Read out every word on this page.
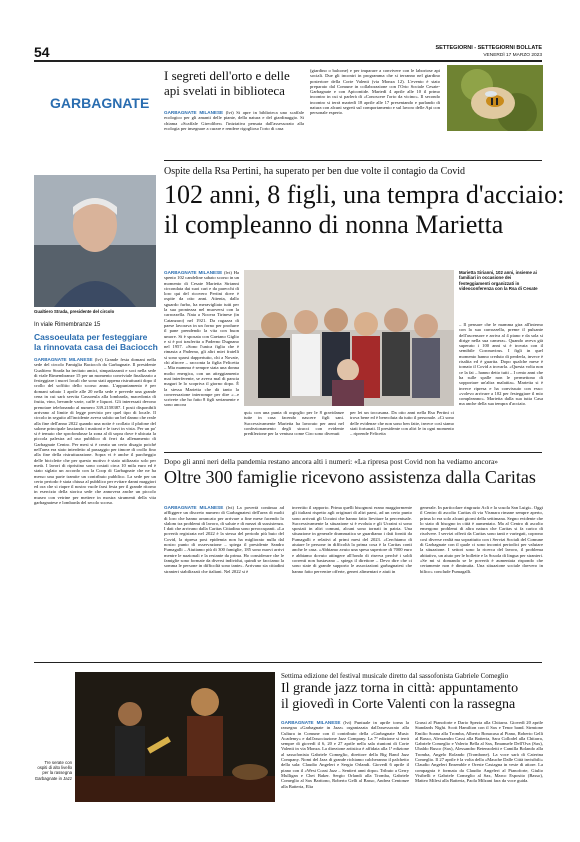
54	SETTEGIORNI - SETTEGIORNI BOLLATE
VENERDÌ 17 MARZO 2023
GARBAGNATE
I segreti dell'orto e delle
api svelati in biblioteca
GARBAGNATE MILANESE (lvt) Si apre in biblioteca uno scaffale ecologico per gli amanti delle piante, della natura e del giardinaggio. Si chiama «Scaffale Gireoliber» l'iniziativa pensata dall'assessorato alla ecologia per insegnare a curare e rendere rigoglioso l'orto di casa
(giardino o balcone) e per imparare a convivere con le laboriose api sociali. Due gli incontri in programma che si terranno nel giardino posteriore della Corte Valenti (via Monza 12). L'evento è stato preparato dal Comune in collaborazione con l'Orto Sociale Cesate-Garbagnate e con Apicontide. Martedì 4 aprile alle 10 il primo incontro in cui si parlerà di «Conoscere l'orto da vicino». Il secondo incontro si terrà martedì 18 aprile alle 17 presentando e parlando di natura con alcuni segreti sul comportamento e sul lavoro delle Api con personale esperto.
Ospite della Rsa Pertini, ha superato per ben due volte il contagio da Covid
102 anni, 8 figli, una tempra d'acciaio:
il compleanno di nonna Marietta
Gualtiero Strada, presidente del circolo
In viale Rimembranze 15
Cassoeulata per festeggiare
la rinnovata casa dei Baciocch
GARBAGNATE MILANESE (lvt) Grande festa domani nella sede del circolo Famiglia Baciocch da Garbagnate. Il presidente Gualtiero Strada ha invitato amici, simpatizzanti e soci nella sede di viale Rimembranze 15 per un momento conviviale finalizzato a festeggiare i nuovi locali che sono stati appena ristrutturati dopo il crollo del soffitto dello scorso anno. L'appuntamento è per domani sabato 1 aprile alle 20 nella sede e prevede una grande cena in cui sarà servita Cassoeula alla lombarda, macedonia di frutta, vino, bevande varie, caffè e liquori. Gli interessati devono prenotare telefonando al numero 339.2158387. I posti disponibili arrivano al limite di legge previsto per quel tipo di locale. Il circolo in seguito all'incidente aveva subito un bel danno che reale alla fine dell'anno 2022 quando una notte è crollato il plafone del salone principale lasciando i mattoni e le travi in vista. Per un po' si è temuto che sprofondasse la zona al di sopra dove è ubicata la piccola palestra ad uso pubblico di ferri da allenamento di Garbagnate Centro. Per mesi si è creato un certo disagio poiché nell'area era stato interdetto al passaggio per timore di crollo fino alla fine della ristrutturazione. Sopra vi è anche il parcheggio delle biciclette che per questo motivo è stato utilizzato solo per metà. I lavori di ripristino sono costati circa 10 mila euro ed è stato siglato un accordo con la Coop di Garbagnate che ne ha messo una parte tramite un contributo pubblico. La sede per un certo periodo è stata chiusa al pubblico per evitare danni maggiori ed ora che si riapre il nostro vuole farsi festa per il grande ritorno in esercizio della storica sede che annovera anche un piccolo museo con vetrine per mettere in mostra strumenti della vita garbagnatese e lombarda del secolo scorso.
GARBAGNATE MILANESE (lvt) Ha spento 102 candeline sabato scorso in un momento di Cesate Marietta Sirianni circondata dai suoi cari e da parecchi di loro qui del ricovero Pertini dove è ospite da otto anni. Attenta, dallo sguardo furbo, ha meravigliato tutti per la sua prontezza nel muoversi con la carrozzella. Nata a Nocera Tirinese (in Catanzaro) nel 1921. Da ragazza di paese lavorava in un forno per produrre il pane prendendo la vita con buon umore. Si è sposata con Gaetano Giglio e si è poi trasferita a Paderno Dugnano nel 1957. «Sono l'unica figlia che è rimasta a Paderno, gli altri miei fratelli si sono sparsi dappertutto, chi a Novate, chi altrove – racconta la figlia Felicetta – Mia mamma è sempre stata una donna molto energica, con un atteggiamento mai interferente, se aveva mal di pancia magari le lo scopriva il giorno dopo. È la stessa Marietta che dà tanto la conversazione interrompe per dire «...e scrivete che ho fatto 8 figli seriamente e sono ancora
Marietta Sirianni, 102 anni, insieme ai familiari in occasione dei festeggiamenti organizzati in videoconferenza con la Rsa di Cesate
qui» con una punta di orgoglio per le 8 gravidanze tutte in casa facendo nascere figli sani. Successivamente Marietta ha lavorato per anni nel confezionamento degli stracci con evidente predilezione per la ventura come Ciro sono divenuti
per lei un toccasana. Da otto anni nella Rsa Pertini ci trova bene ed è benvoluta da tutto il personale. «Ci sono delle evidenze che non sono ben fatte, invece così siamo stati fortunati. Il presidente con altri le in ogni momento – riprende Felicetta
– Il pensare che le mamma gira all'interno con la sua carrozzella, preme il pulsante dell'ascensore e arriva al 4 piano e da sola si dirige nella sua camera». Quando aveva già superato i 100 anni si è trovata con il semibile Coronavirus. I figli in quel momento hanno creduto di perderla, invece è risalita ed è guarita. Dopo qualche mese è tornato il Covid a trovarla. «Questa volta non ce la fai – hanno detto tutti – I cento anni che ha sulle spalle non le permettono di sopportare un'altra malattia». Marietta si è invece ripresa e ha convissuto con esso: «volevo arrivare a 102 per festeggiare il mio compleanno». Marietta dalla sua tutta Casa ma anche della sua tempra d'acciaio.
Dopo gli anni neri della pandemia restano ancora alti i numeri: «La ripresa post Covid non ha vediamo ancora»
Oltre 300 famiglie ricevono assistenza dalla Caritas
GARBAGNATE MILANESE (lvt) La povertà continua ad affliggere un discreto numero di Garbagnatesi dell'area di molti di loro che hanno arrancato per arrivare a fine mese facendo lo slalom tra problemi di lavoro, di salute e di mezzi di sussistenza. I dati che arrivano dalla Caritas Cittadina sono preoccupanti. «La povertà registrata nel 2022 è la stessa del periodo più buio del Covid, la ripresa post epidemia non ha migliorato nulla dal nostro punto di osservazione – spiega il presidente Sandro Fumagalli – Aiutiamo più di 300 famiglie, 185 sono nuovi arrivi mentre le nazionali e la restante da prima. Ho considerare che le famiglie sono formate da diversi individui, quindi se facciamo la somma le persone in difficoltà sono tante». Arrivano sia cittadini stranieri stabilizzati che italiani. Nel 2022 si è
invertito il rapporto. Prima quelli bisognosi erano maggiormente gli italiani rispetto agli originari di altri paesi, ad un certo punto sono arrivati gli Ucraini che hanno fatto lievitare la percentuale. Successivamente la situazione si è evoluta e gli Ucraini si sono spostati in altri comuni, alcuni sono tornati in patria. Una situazione in generale drammatica se guardiamo i dati forniti da Fumagalli e relativi al primi mesi del 2023. «Cerchiamo di aiutare le persone in difficoltà la prima cosa è la Caritas conti anche le casa. «Abbiamo avuto una spesa superiore di 7000 euro e abbiamo dovuto attingere all'fondo di riserva perché i soldi correnti non bastavano – spiega il direttore – Devo dire che ci sono state di grande supporto le associazioni garbagnatesi che hanno fatto pervenire offerte, generi alimentari e aiuti in
generale. In particolare ringrazio Acli e la scuola San Luigi». Oggi il Centro di ascolto Caritas di via Vismara rimane sempre aperto, prima lo era solo alcuni giorni della settimana. Segno evidente che lo stato di bisogno in città è aumentato. Ma al Centro di ascolto emergono problemi di altra natura che Caritas si fa carico di risolvere. I servizi offerti da Caritas sono tanti e variegati, coprono così diverse realtà ma soprattutto con i Servizi Sociali del Comune di Garbagnate con il quale ci sono incontri periodici per valutare la situazione. I settori sono la ricerca del lavoro, il problema abitativo, un aiuto per le bollette e la Scuola di lingua per stranieri. «Se mi si domanda se le povertà è aumentata rispondo che certamente non è diminuita. Una situazione sociale davvero in bilico» conclude Fumagalli.
Tre serate con ospiti di alto livello per la rassegna Garbagnate in Jazz
Settima edizione del festival musicale diretto dal sassofonista Gabriele Comeglio
Il grande jazz torna in città: appuntamento
il giovedì in Corte Valenti con la rassegna
GARBAGNATE MILANESE (lvt) Puntuale in aprile torna la rassegna «Garbagnate in Jazz» organizzata dall'assessorato alla Cultura in Comune con il contributo della «Garbagnate Music Academy» e dall'associazione Jazz Company. La 7ª edizione si terrà sempre di giovedì il 6, 20 e 27 aprile nella sala riunioni di Corte Valenti in via Monza. La direzione artistica è affidata alla 1ª edizione al sassofonista Gabriele Comeglio, direttore della Big Band Jazz Company. Nomi del Jazz di grande richiamo calcheranno il palchetto della sala: Claudio Angeleri e Sergio Orlandi. Giovedì 6 aprile il piano con il «West Coast Jazz – Sentieri anni dopo» Tributo a Gerry Mulligan e Chet Baker. Sergio Orlandi alla Tromba, Gabriele Comeglio al Sax Baritono, Roberto Gelli al Basso, Andrea Centonze alla Batteria, Elia
Grassi al Pianoforte e Dario Spezia alla Chitarra. Giovedì 20 aprile Standards Night. Scott Hamilton con il Sax e Tenor band. Sirmione Emilio Soana alla Tromba, Alberto Bonacasa al Piano, Roberto Gelli al Basso, Alessandro Cassi alla Batteria, Sara Collodel alla Chitarra, Gabriele Comeglio e Valerio Bella al Sax, Emanuele Dell'Ova (Sax), Ubaldo Busco (Sax), Alessandro Betenzoletti e Camilla Bolando alla Tromba, Angelo Rolando (Trombone). La voce sarà di Caterina Comeglio. Il 27 aprile è la volta della «Mauche Dalle Città invisibili» Claudio Angeleri Ensemble e Oreste Castagna in veste di attore. La compagnia è formata da Claudio Angeleri al Pianoforte, Giulio Visibelli e Gabriele Comeglio al Sax, Marco Esposito (Basso), Matteo Milesi alla Batteria, Paola Milzani fara da voce guida.
